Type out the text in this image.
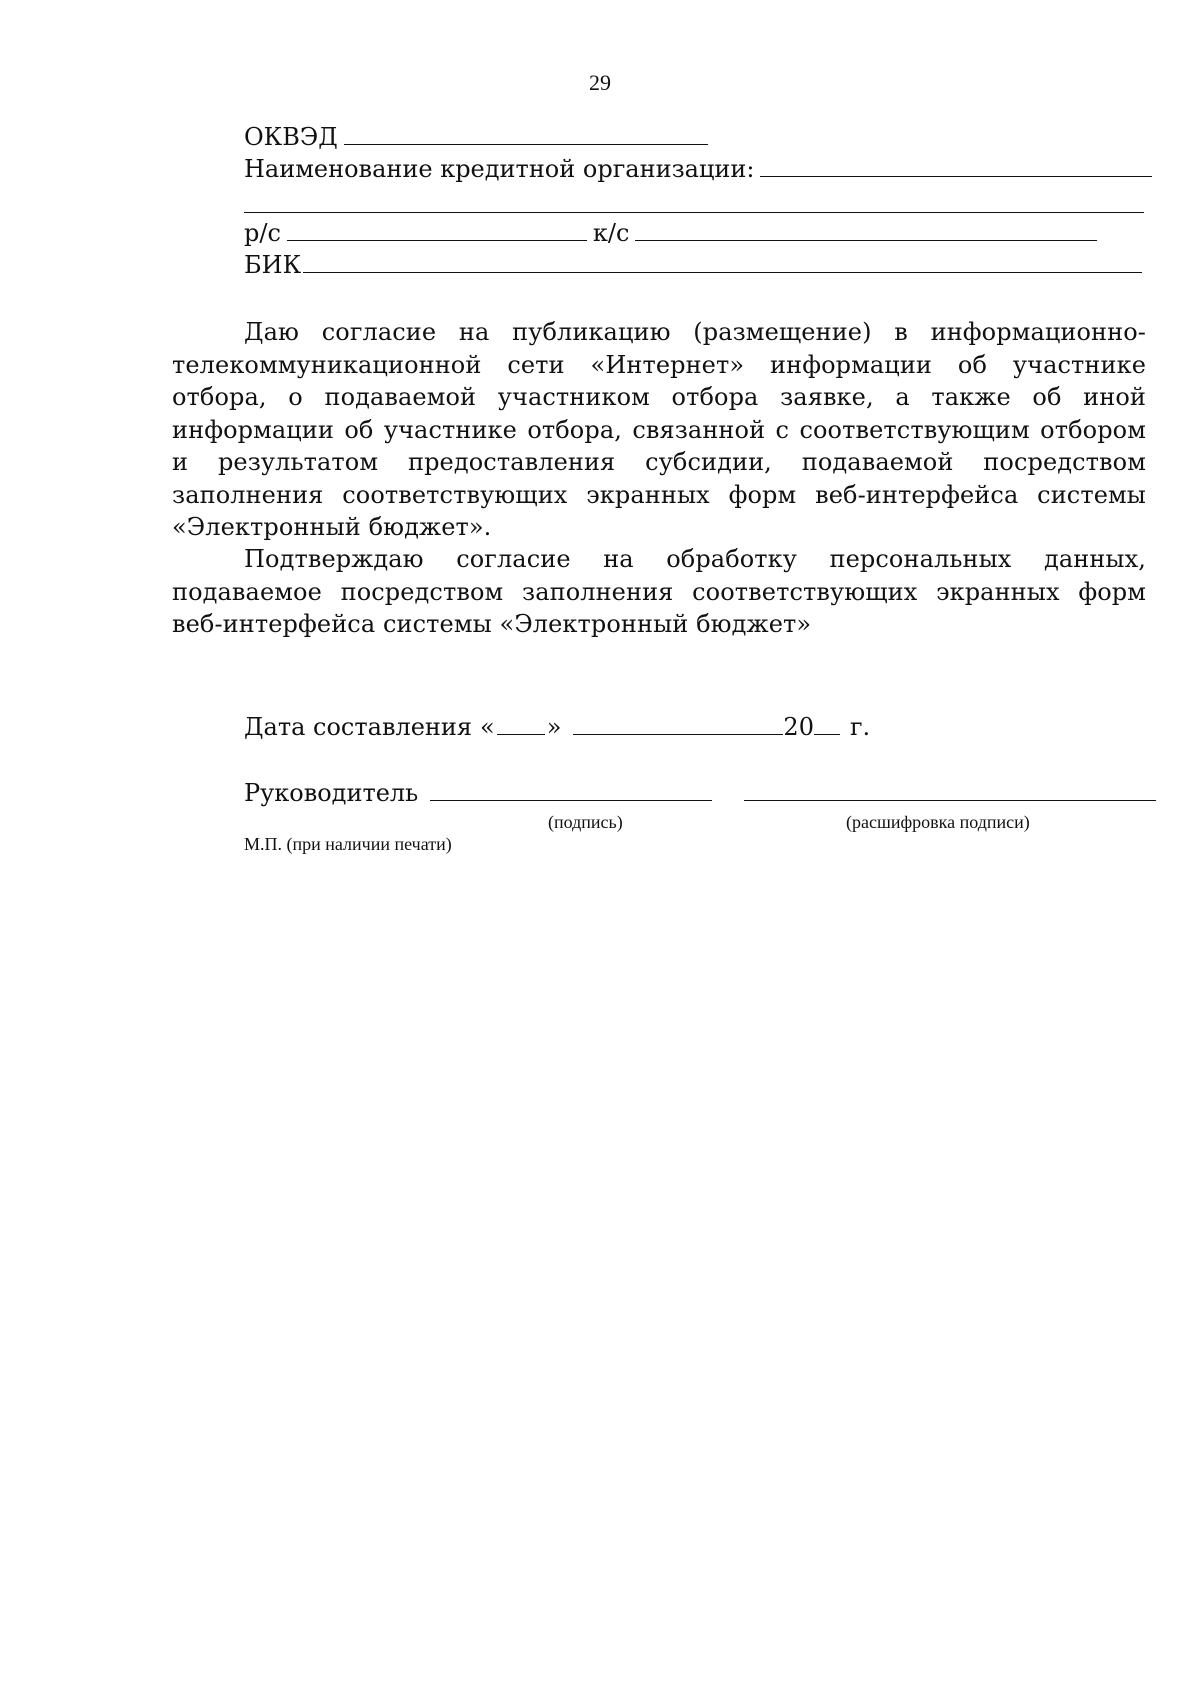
29
ОКВЭД
Наименование кредитной организации:
р/с	к/с
БИК
Даю согласие на публикацию (размещение) в информационно-телекоммуникационной сети «Интернет» информации об участнике отбора, о подаваемой участником отбора заявке, а также об иной информации об участнике отбора, связанной с соответствующим отбором и результатом предоставления субсидии, подаваемой посредством заполнения соответствующих экранных форм веб-интерфейса системы «Электронный бюджет».
Подтверждаю согласие на обработку персональных данных, подаваемое посредством заполнения соответствующих экранных форм веб-интерфейса системы «Электронный бюджет»
Дата составления « »	20 г.
Руководитель
(подпись)	(расшифровка подписи)
М.П. (при наличии печати)
